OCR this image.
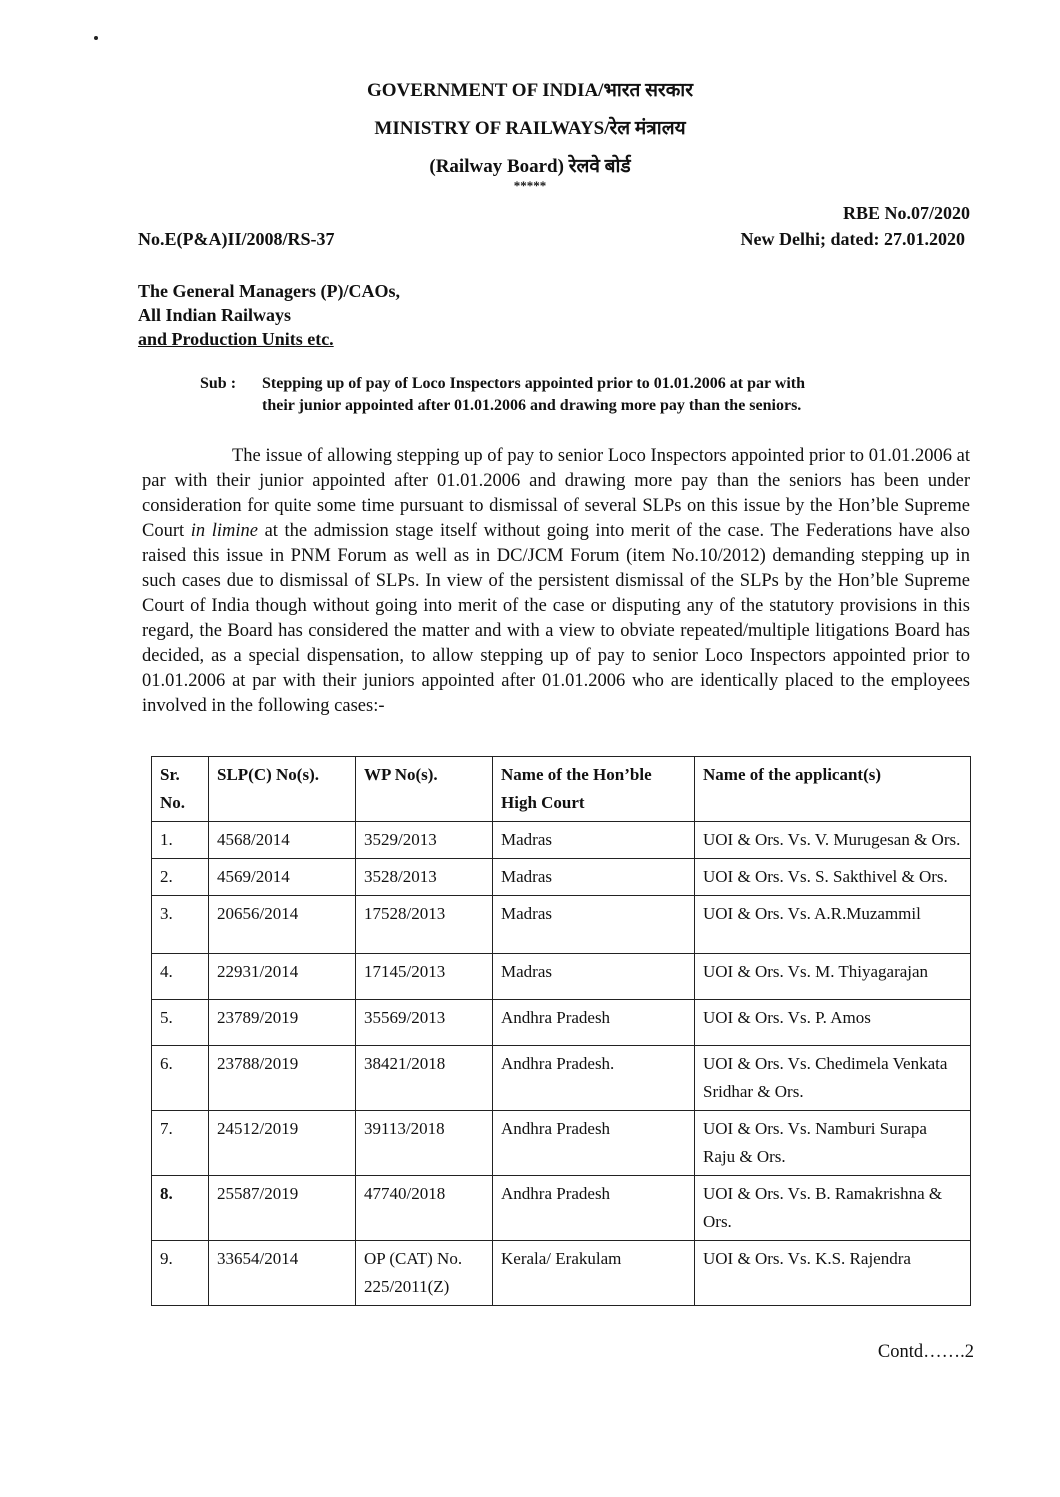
GOVERNMENT OF INDIA/भारत सरकार
MINISTRY OF RAILWAYS/रेल मंत्रालय
(Railway Board) रेलवे बोर्ड
*****
RBE No.07/2020
No.E(P&A)II/2008/RS-37	New Delhi; dated: 27.01.2020
The General Managers (P)/CAOs,
All Indian Railways
and Production Units etc.
Sub : Stepping up of pay of Loco Inspectors appointed prior to 01.01.2006 at par with
their junior appointed after 01.01.2006 and drawing more pay than the seniors.
The issue of allowing stepping up of pay to senior Loco Inspectors appointed prior to 01.01.2006 at par with their junior appointed after 01.01.2006 and drawing more pay than the seniors has been under consideration for quite some time pursuant to dismissal of several SLPs on this issue by the Hon’ble Supreme Court in limine at the admission stage itself without going into merit of the case. The Federations have also raised this issue in PNM Forum as well as in DC/JCM Forum (item No.10/2012) demanding stepping up in such cases due to dismissal of SLPs. In view of the persistent dismissal of the SLPs by the Hon’ble Supreme Court of India though without going into merit of the case or disputing any of the statutory provisions in this regard, the Board has considered the matter and with a view to obviate repeated/multiple litigations Board has decided, as a special dispensation, to allow stepping up of pay to senior Loco Inspectors appointed prior to 01.01.2006 at par with their juniors appointed after 01.01.2006 who are identically placed to the employees involved in the following cases:-
Sr. No.	SLP(C) No(s).	WP No(s).	Name of the Hon’ble High Court	Name of the applicant(s)
1.	4568/2014	3529/2013	Madras	UOI & Ors. Vs. V. Murugesan & Ors.
2.	4569/2014	3528/2013	Madras	UOI & Ors. Vs. S. Sakthivel & Ors.
3.	20656/2014	17528/2013	Madras	UOI & Ors. Vs. A.R.Muzammil
4.	22931/2014	17145/2013	Madras	UOI & Ors. Vs. M. Thiyagarajan
5.	23789/2019	35569/2013	Andhra Pradesh	UOI & Ors. Vs. P. Amos
6.	23788/2019	38421/2018	Andhra Pradesh.	UOI & Ors. Vs. Chedimela Venkata Sridhar & Ors.
7.	24512/2019	39113/2018	Andhra Pradesh	UOI & Ors. Vs. Namburi Surapa Raju & Ors.
8.	25587/2019	47740/2018	Andhra Pradesh	UOI & Ors. Vs. B. Ramakrishna & Ors.
9.	33654/2014	OP (CAT) No. 225/2011(Z)	Kerala/ Erakulam	UOI & Ors. Vs. K.S. Rajendra
Contd…….2
